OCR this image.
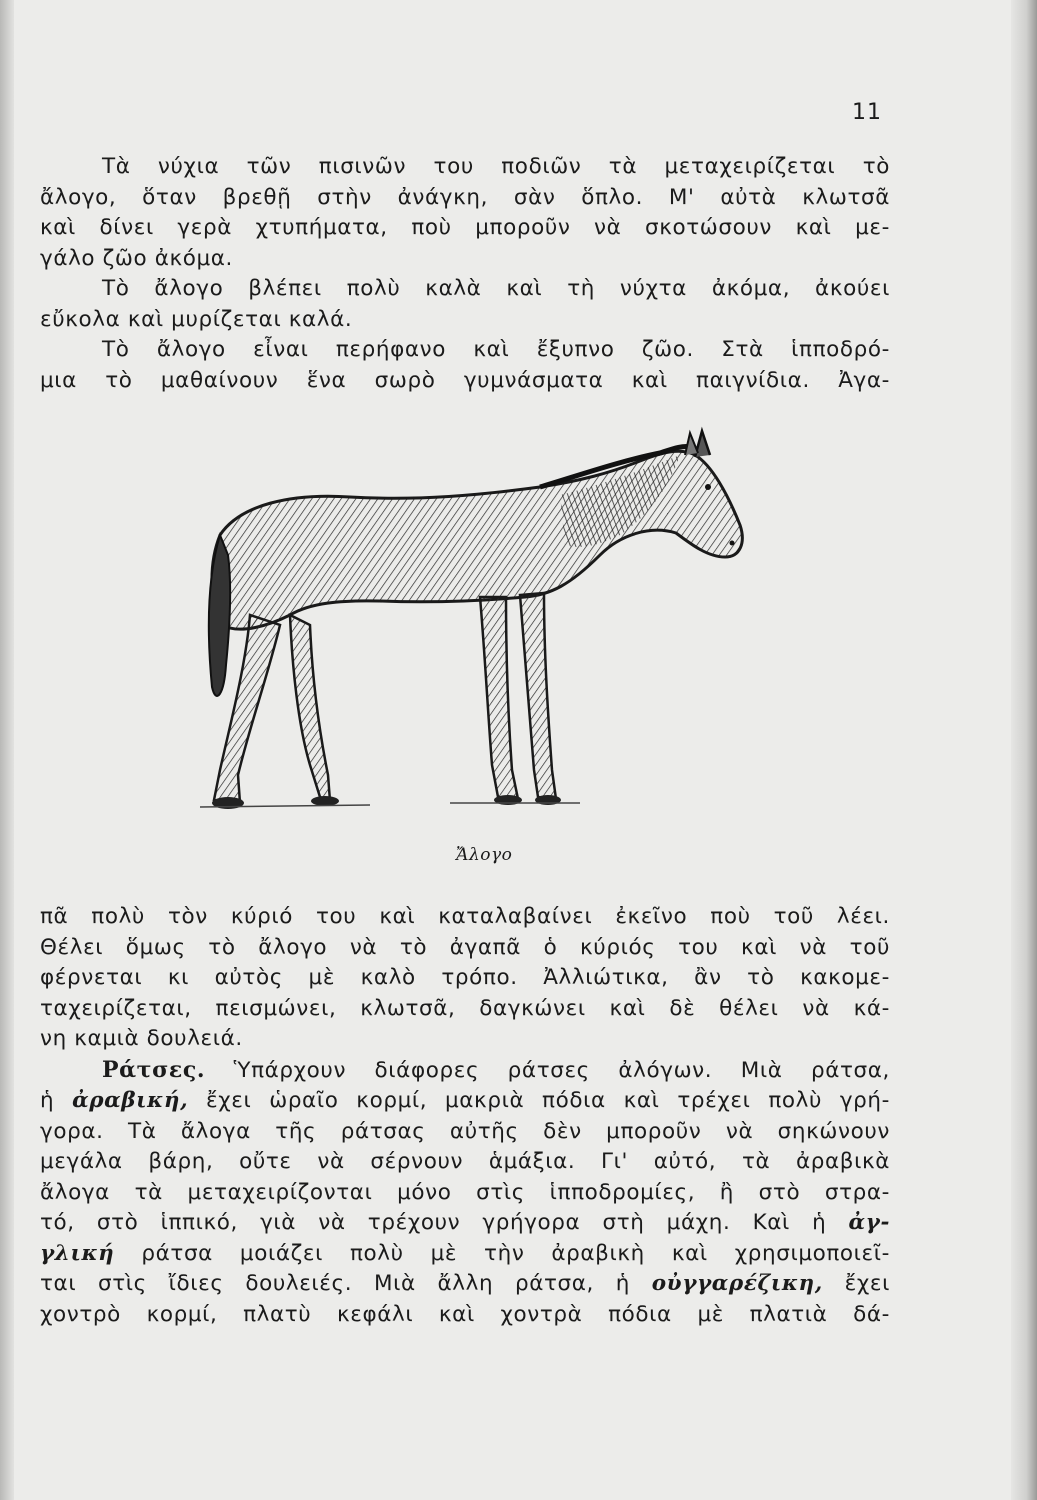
11
Τὰ νύχια τῶν πισινῶν του ποδιῶν τὰ μεταχειρίζεται τὸ
ἄλογο, ὅταν βρεθῇ στὴν ἀνάγκη, σὰν ὅπλο. Μ' αὐτὰ κλωτσᾶ
καὶ δίνει γερὰ χτυπήματα, ποὺ μποροῦν νὰ σκοτώσουν καὶ με-
γάλο ζῶο ἀκόμα.
Τὸ ἄλογο βλέπει πολὺ καλὰ καὶ τὴ νύχτα ἀκόμα, ἀκούει
εὔκολα καὶ μυρίζεται καλά.
Τὸ ἄλογο εἶναι περήφανο καὶ ἔξυπνο ζῶο. Στὰ ἱπποδρό-
μια τὸ μαθαίνουν ἕνα σωρὸ γυμνάσματα καὶ παιγνίδια. Ἀγα-
Ἄλογο
πᾶ πολὺ τὸν κύριό του καὶ καταλαβαίνει ἐκεῖνο ποὺ τοῦ λέει.
Θέλει ὅμως τὸ ἄλογο νὰ τὸ ἀγαπᾶ ὁ κύριός του καὶ νὰ τοῦ
φέρνεται κι αὐτὸς μὲ καλὸ τρόπο. Ἀλλιώτικα, ἂν τὸ κακομε-
ταχειρίζεται, πεισμώνει, κλωτσᾶ, δαγκώνει καὶ δὲ θέλει νὰ κά-
νη καμιὰ δουλειά.
Ράτσες. Ὑπάρχουν διάφορες ράτσες ἀλόγων. Μιὰ ράτσα,
ἡ ἀραβική, ἔχει ὡραῖο κορμί, μακριὰ πόδια καὶ τρέχει πολὺ γρή-
γορα. Τὰ ἄλογα τῆς ράτσας αὐτῆς δὲν μποροῦν νὰ σηκώνουν
μεγάλα βάρη, οὔτε νὰ σέρνουν ἁμάξια. Γι' αὐτό, τὰ ἀραβικὰ
ἄλογα τὰ μεταχειρίζονται μόνο στὶς ἱπποδρομίες, ἢ στὸ στρα-
τό, στὸ ἱππικό, γιὰ νὰ τρέχουν γρήγορα στὴ μάχη. Καὶ ἡ ἀγ-
γλική ράτσα μοιάζει πολὺ μὲ τὴν ἀραβικὴ καὶ χρησιμοποιεῖ-
ται στὶς ἴδιες δουλειές. Μιὰ ἄλλη ράτσα, ἡ οὐγγαρέζικη, ἔχει
χοντρὸ κορμί, πλατὺ κεφάλι καὶ χοντρὰ πόδια μὲ πλατιὰ δά-
